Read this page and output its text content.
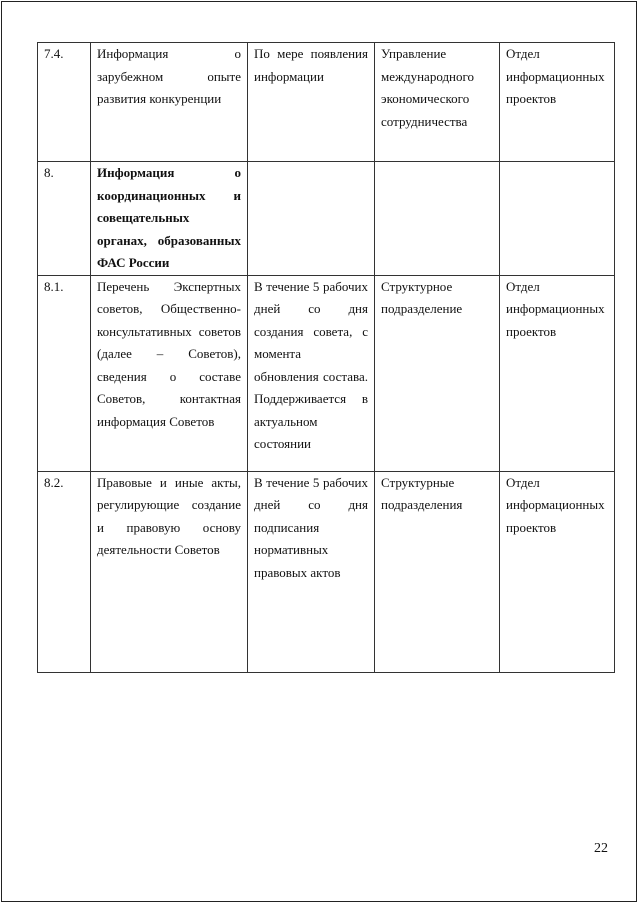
7.4.	Информация о зарубежном опыте развития конкуренции	По мере появления информации	Управление международного экономического сотрудничества	Отдел информационных проектов
8.	Информация о координационных и совещательных органах, образованных ФАС России			
8.1.	Перечень Экспертных советов, Общественно-консультативных советов (далее – Советов), сведения о составе Советов, контактная информация Советов	В течение 5 рабочих дней со дня создания совета, с момента обновления состава. Поддерживается в актуальном состоянии	Структурное подразделение	Отдел информационных проектов
8.2.	Правовые и иные акты, регулирующие создание и правовую основу деятельности Советов	В течение 5 рабочих дней со дня подписания нормативных правовых актов	Структурные подразделения	Отдел информационных проектов
22
